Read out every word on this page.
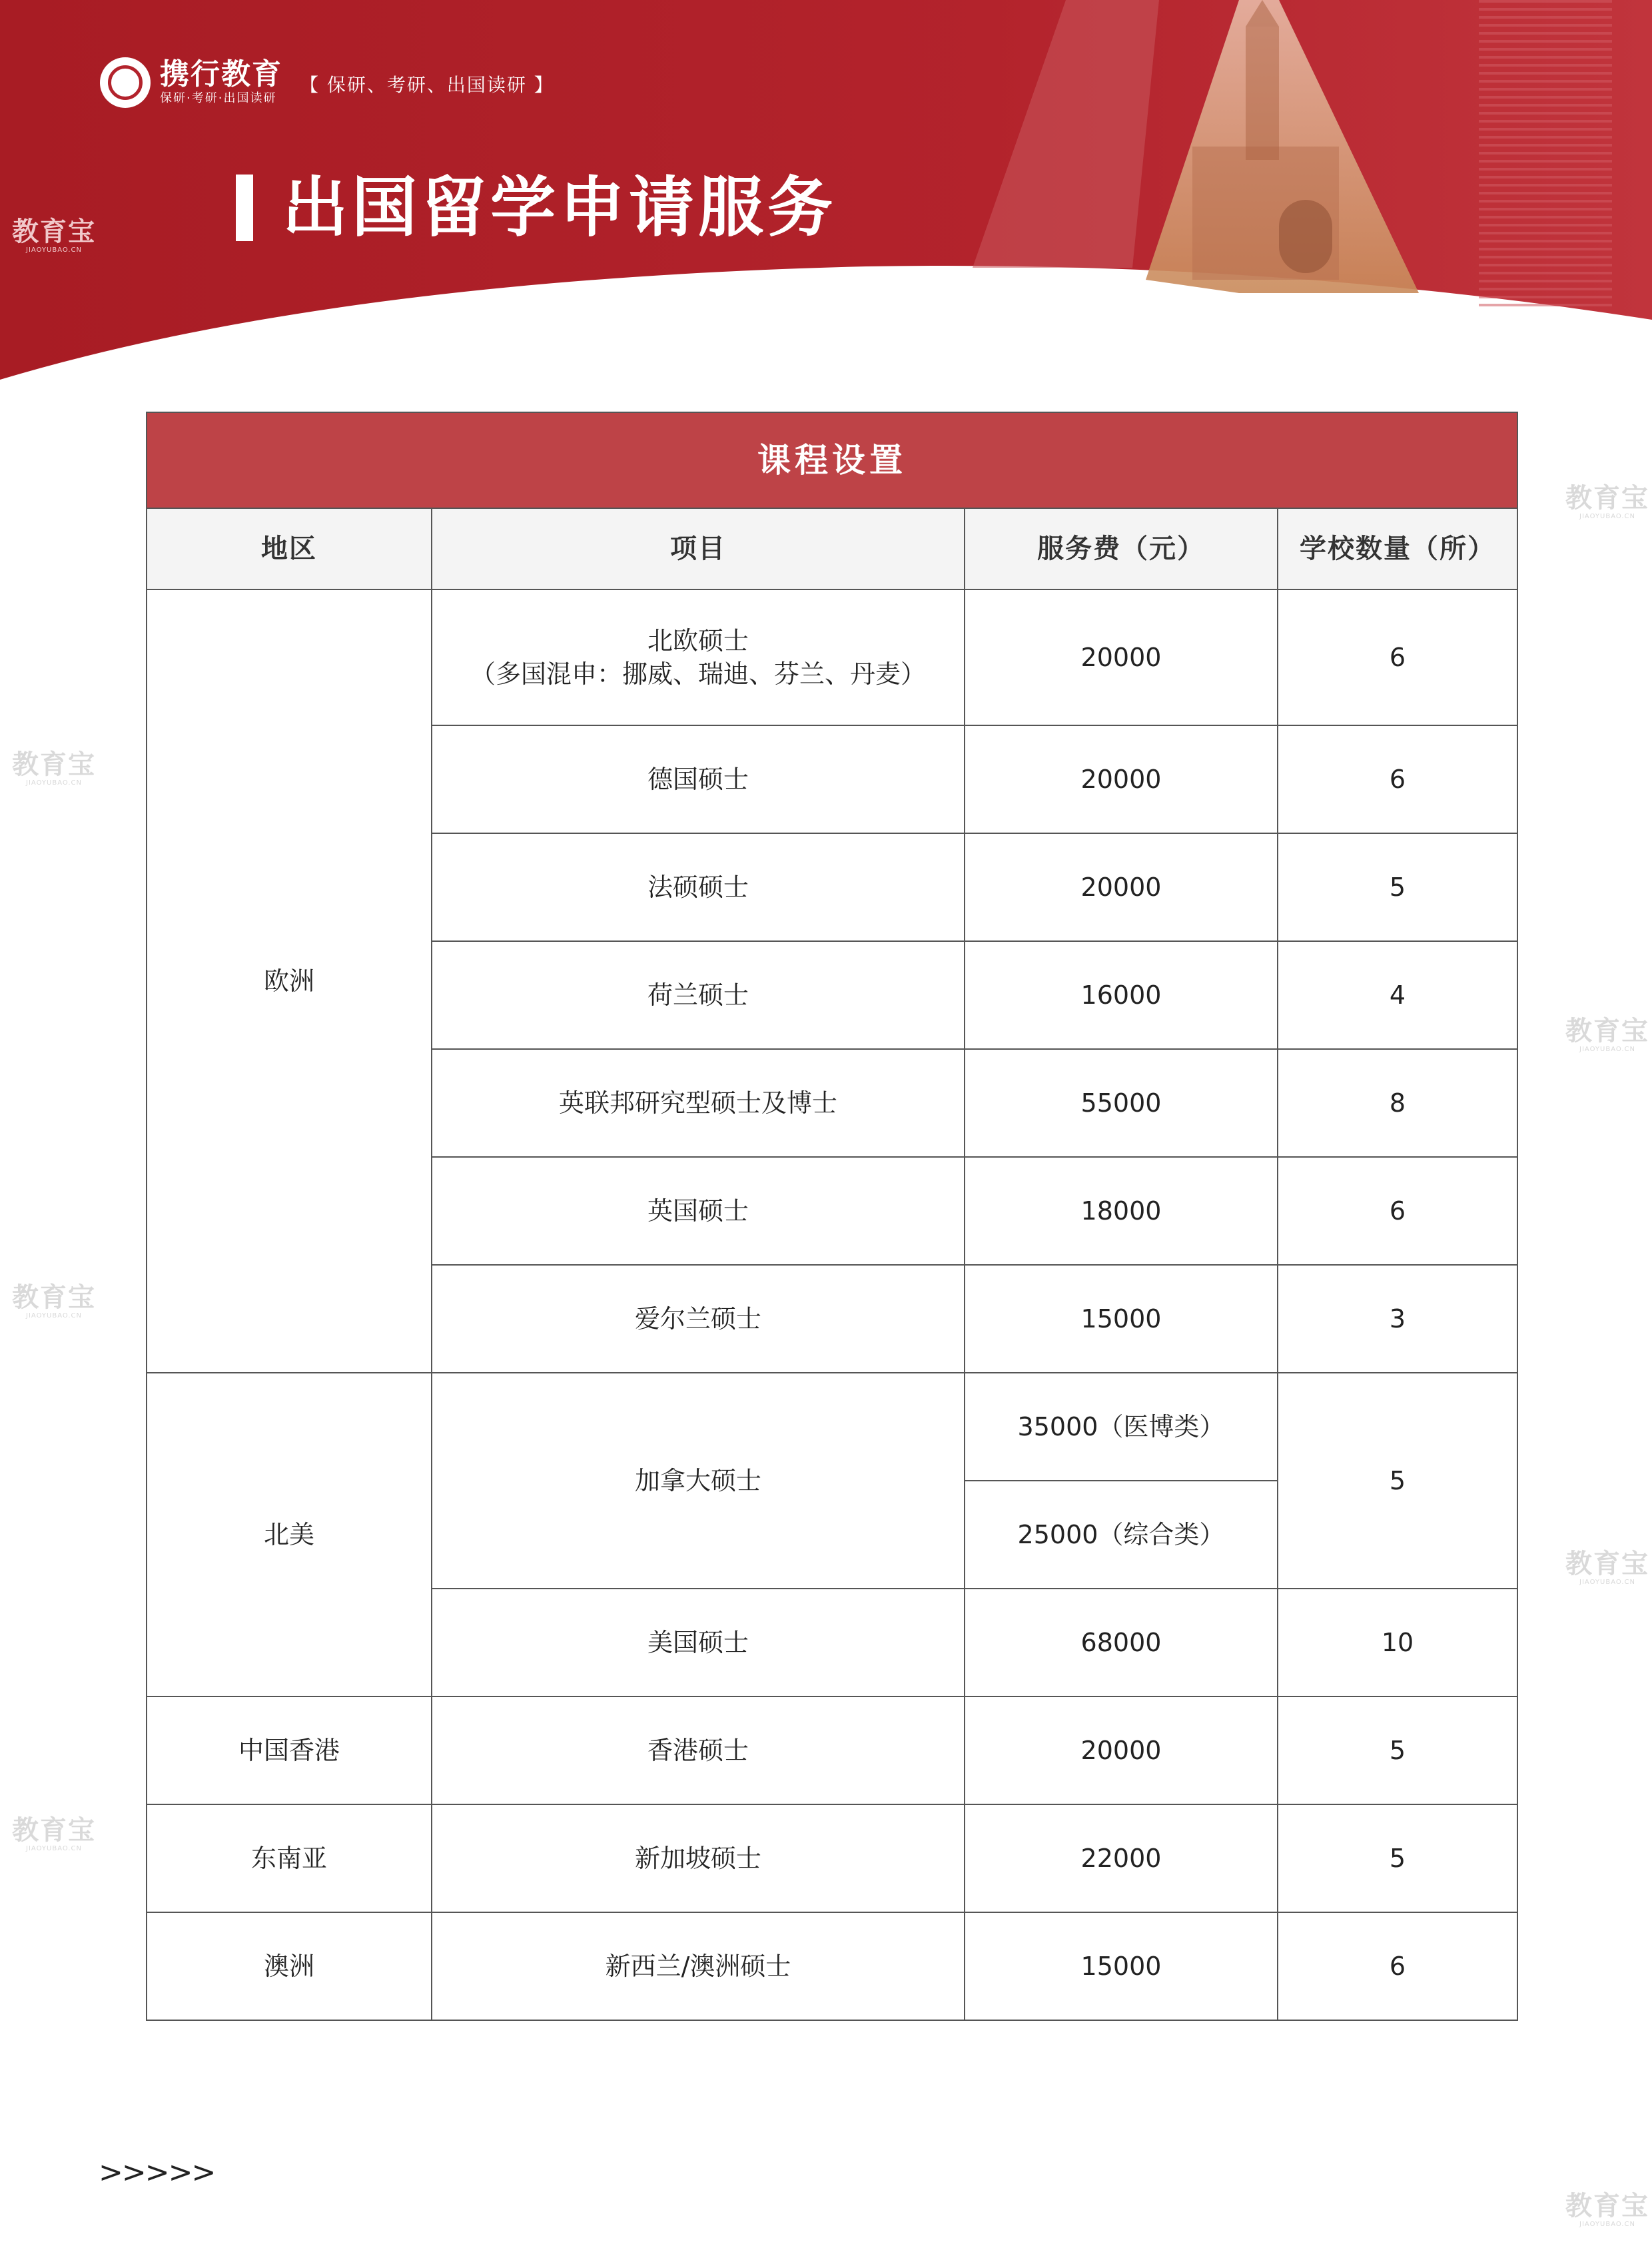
携行教育
保研·考研·出国读研
【 保研、考研、出国读研 】
出国留学申请服务
教育宝
JIAOYUBAO.CN
教育宝
JIAOYUBAO.CN
教育宝
JIAOYUBAO.CN
教育宝
JIAOYUBAO.CN
教育宝
JIAOYUBAO.CN
教育宝
JIAOYUBAO.CN
教育宝
JIAOYUBAO.CN
教育宝
JIAOYUBAO.CN
课程设置			
地区	项目	服务费（元）	学校数量（所）
欧洲	北欧硕士
（多国混申：挪威、瑞迪、芬兰、丹麦）	20000	6
	德国硕士	20000	6
	法硕硕士	20000	5
	荷兰硕士	16000	4
	英联邦研究型硕士及博士	55000	8
	英国硕士	18000	6
	爱尔兰硕士	15000	3
北美	加拿大硕士	35000（医博类）	5
		25000（综合类）	
	美国硕士	68000	10
中国香港	香港硕士	20000	5
东南亚	新加坡硕士	22000	5
澳洲	新西兰/澳洲硕士	15000	6
>>>>>
